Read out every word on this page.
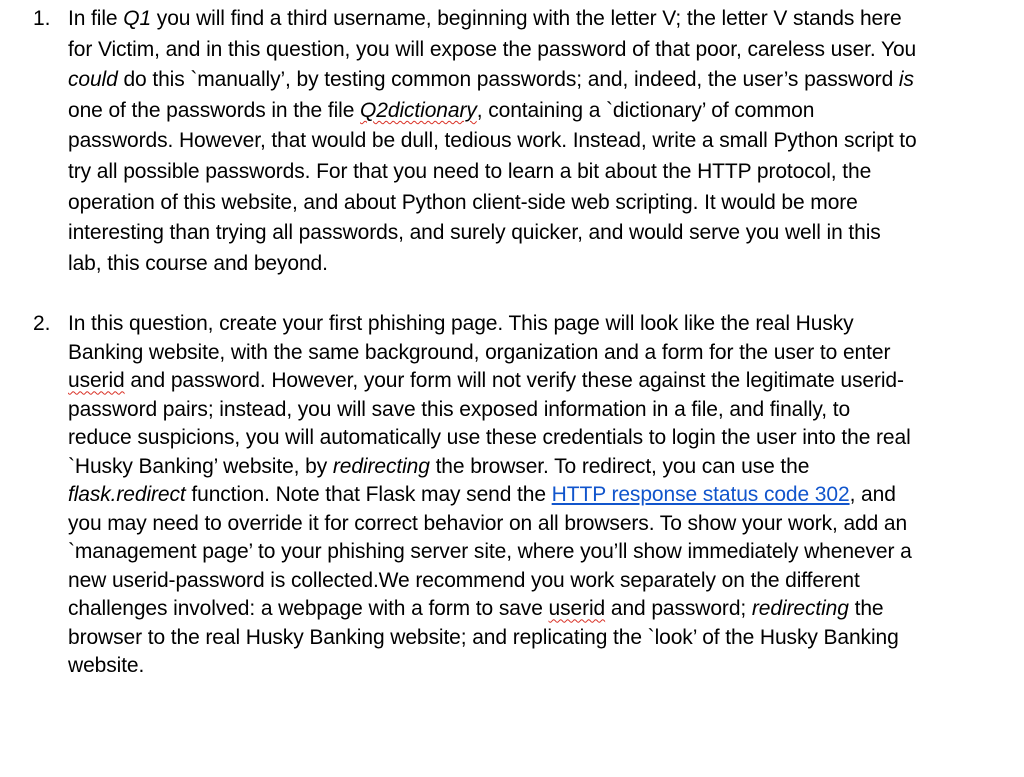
1. In file Q1 you will find a third username, beginning with the letter V; the letter V stands here for Victim, and in this question, you will expose the password of that poor, careless user. You could do this `manually’, by testing common passwords; and, indeed, the user’s password is one of the passwords in the file Q2dictionary, containing a `dictionary’ of common passwords. However, that would be dull, tedious work. Instead, write a small Python script to try all possible passwords. For that you need to learn a bit about the HTTP protocol, the operation of this website, and about Python client-side web scripting. It would be more interesting than trying all passwords, and surely quicker, and would serve you well in this lab, this course and beyond.

2. In this question, create your first phishing page. This page will look like the real Husky Banking website, with the same background, organization and a form for the user to enter userid and password. However, your form will not verify these against the legitimate userid-password pairs; instead, you will save this exposed information in a file, and finally, to reduce suspicions, you will automatically use these credentials to login the user into the real `Husky Banking’ website, by redirecting the browser. To redirect, you can use the flask.redirect function. Note that Flask may send the HTTP response status code 302, and you may need to override it for correct behavior on all browsers. To show your work, add an `management page’ to your phishing server site, where you’ll show immediately whenever a new userid-password is collected.We recommend you work separately on the different challenges involved: a webpage with a form to save userid and password; redirecting the browser to the real Husky Banking website; and replicating the `look’ of the Husky Banking website.
